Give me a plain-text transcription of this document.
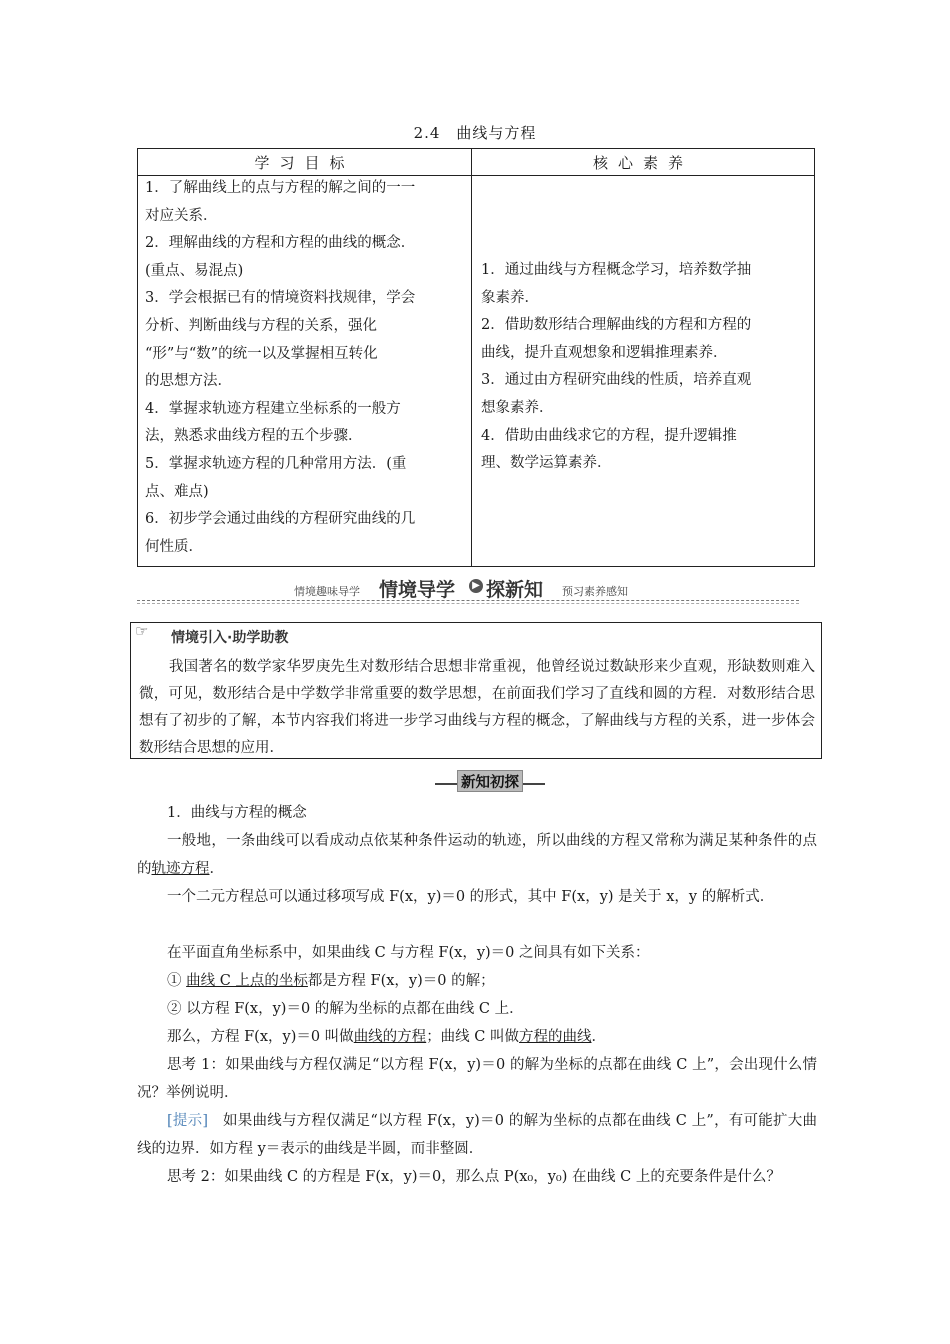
2.4　曲线与方程
学习目标	核心素养
1．了解曲线上的点与方程的解之间的一一
对应关系．
2．理解曲线的方程和方程的曲线的概念．
(重点、易混点)
3．学会根据已有的情境资料找规律，学会
分析、判断曲线与方程的关系，强化
“形”与“数”的统一以及掌握相互转化
的思想方法．
4．掌握求轨迹方程建立坐标系的一般方
法，熟悉求曲线方程的五个步骤．
5．掌握求轨迹方程的几种常用方法．(重
点、难点)
6．初步学会通过曲线的方程研究曲线的几
何性质．
1．通过曲线与方程概念学习，培养数学抽
象素养．
2．借助数形结合理解曲线的方程和方程的
曲线，提升直观想象和逻辑推理素养．
3．通过由方程研究曲线的性质，培养直观
想象素养．
4．借助由曲线求它的方程，提升逻辑推
理、数学运算素养．
情境趣味导学 情境导学	▶ 探新知 预习素养感知
☞ 情境引入·助学助教
我国著名的数学家华罗庚先生对数形结合思想非常重视，他曾经说过数缺形来少直观，形缺数则难入微，可见，数形结合是中学数学非常重要的数学思想，在前面我们学习了直线和圆的方程．对数形结合思想有了初步的了解，本节内容我们将进一步学习曲线与方程的概念，了解曲线与方程的关系，进一步体会数形结合思想的应用．
新知初探
1．曲线与方程的概念

一般地，一条曲线可以看成动点依某种条件运动的轨迹，所以曲线的方程又常称为满足某种条件的点的轨迹方程．

一个二元方程总可以通过移项写成 F(x，y)＝0 的形式，其中 F(x，y) 是关于 x，y 的解析式．

在平面直角坐标系中，如果曲线 C 与方程 F(x，y)＝0 之间具有如下关系：

① 曲线 C 上点的坐标都是方程 F(x，y)＝0 的解；

② 以方程 F(x，y)＝0 的解为坐标的点都在曲线 C 上．

那么，方程 F(x，y)＝0 叫做曲线的方程；曲线 C 叫做方程的曲线．

思考 1：如果曲线与方程仅满足“以方程 F(x，y)＝0 的解为坐标的点都在曲线 C 上”，会出现什么情况？举例说明．

[提示]　如果曲线与方程仅满足“以方程 F(x，y)＝0 的解为坐标的点都在曲线 C 上”，有可能扩大曲线的边界．如方程 y＝表示的曲线是半圆，而非整圆．

思考 2：如果曲线 C 的方程是 F(x，y)＝0，那么点 P(x₀，y₀) 在曲线 C 上的充要条件是什么？
